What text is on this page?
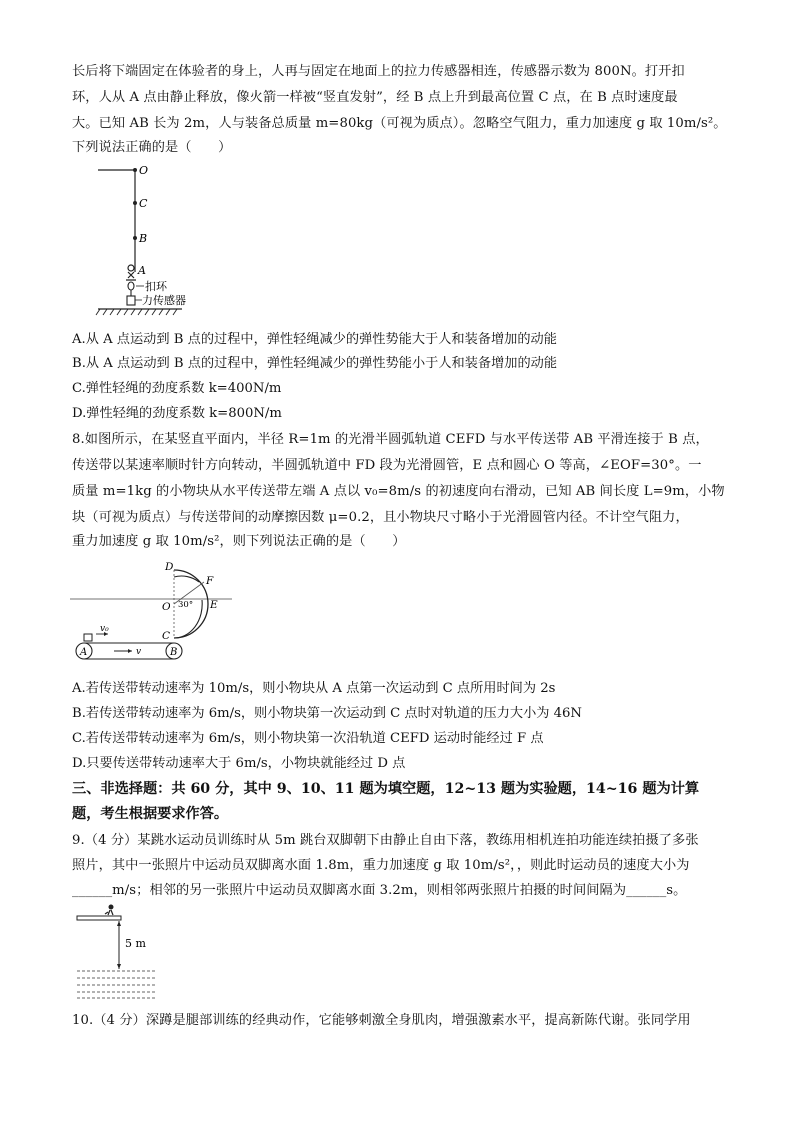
长后将下端固定在体验者的身上，人再与固定在地面上的拉力传感器相连，传感器示数为 800N。打开扣
环，人从 A 点由静止释放，像火箭一样被“竖直发射”，经 B 点上升到最高位置 C 点，在 B 点时速度最
大。已知 AB 长为 2m，人与装备总质量 m=80kg（可视为质点）。忽略空气阻力，重力加速度 g 取 10m/s²。
下列说法正确的是（　　）
O
C
B
A
扣环
力传感器
A.从 A 点运动到 B 点的过程中，弹性轻绳减少的弹性势能大于人和装备增加的动能
B.从 A 点运动到 B 点的过程中，弹性轻绳减少的弹性势能小于人和装备增加的动能
C.弹性轻绳的劲度系数 k=400N/m
D.弹性轻绳的劲度系数 k=800N/m
8.如图所示，在某竖直平面内，半径 R=1m 的光滑半圆弧轨道 CEFD 与水平传送带 AB 平滑连接于 B 点，
传送带以某速率顺时针方向转动，半圆弧轨道中 FD 段为光滑圆管，E 点和圆心 O 等高，∠EOF=30°。一
质量 m=1kg 的小物块从水平传送带左端 A 点以 v₀=8m/s 的初速度向右滑动，已知 AB 间长度 L=9m，小物
块（可视为质点）与传送带间的动摩擦因数 μ=0.2，且小物块尺寸略小于光滑圆管内径。不计空气阻力，
重力加速度 g 取 10m/s²，则下列说法正确的是（　　）
D
F
O	E
C
30°
v₀
A	B
v
A.若传送带转动速率为 10m/s，则小物块从 A 点第一次运动到 C 点所用时间为 2s
B.若传送带转动速率为 6m/s，则小物块第一次运动到 C 点时对轨道的压力大小为 46N
C.若传送带转动速率为 6m/s，则小物块第一次沿轨道 CEFD 运动时能经过 F 点
D.只要传送带转动速率大于 6m/s，小物块就能经过 D 点
三、非选择题：共 60 分，其中 9、10、11 题为填空题，12~13 题为实验题，14~16 题为计算
题，考生根据要求作答。
9.（4 分）某跳水运动员训练时从 5m 跳台双脚朝下由静止自由下落，教练用相机连拍功能连续拍摄了多张
照片，其中一张照片中运动员双脚离水面 1.8m，重力加速度 g 取 10m/s²，，则此时运动员的速度大小为
______m/s；相邻的另一张照片中运动员双脚离水面 3.2m，则相邻两张照片拍摄的时间间隔为______s。
5 m
10.（4 分）深蹲是腿部训练的经典动作，它能够刺激全身肌肉，增强激素水平，提高新陈代谢。张同学用
